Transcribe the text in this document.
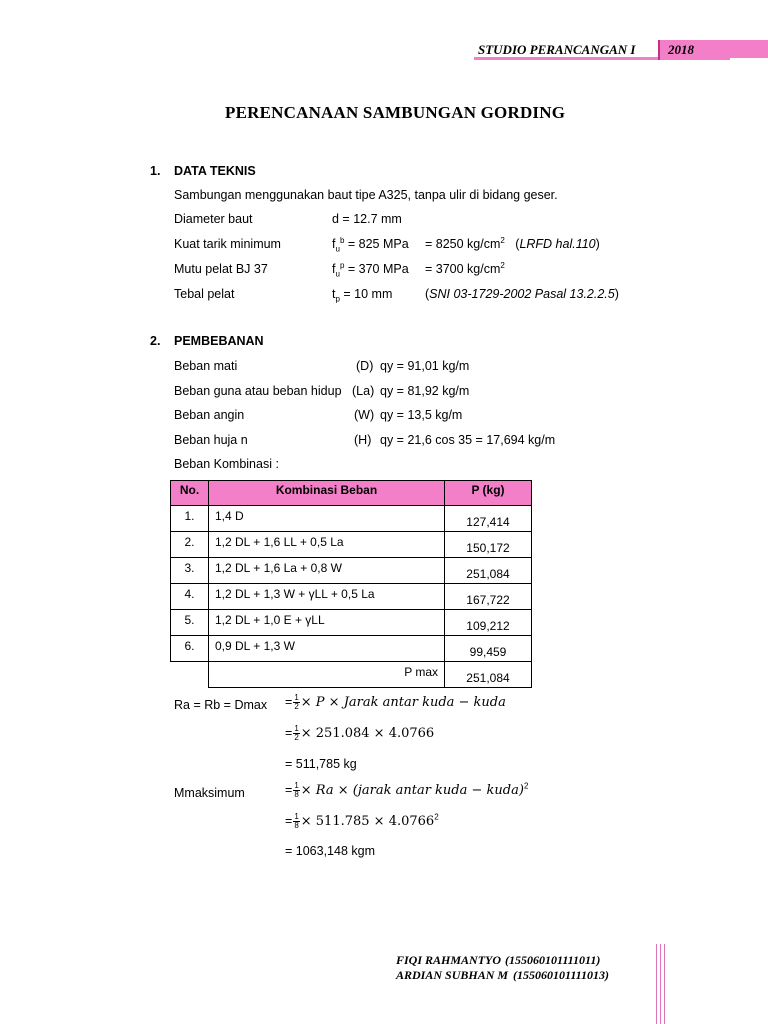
STUDIO PERANCANGAN I	2018
PERENCANAAN SAMBUNGAN GORDING
1. DATA TEKNIS
Sambungan menggunakan baut tipe A325, tanpa ulir di bidang geser.
Diameter baut	d = 12.7 mm
Kuat tarik minimum	$f_u^b = 825$ MPa = 8250 $kg/cm^2$   (LRFD hal.110)
Mutu pelat BJ 37	$f_u^p = 370$ MPa = 3700 $kg/cm^2$
Tebal pelat	$t_p = 10$ mm	(SNI 03-1729-2002 Pasal 13.2.2.5)
2. PEMBEBANAN
Beban mati	(D) qy = 91,01 kg/m
Beban guna atau beban hidup (La) qy = 81,92 kg/m
Beban angin	(W) qy = 13,5 kg/m
Beban huja n	(H) qy = 21,6 cos 35 = 17,694 kg/m
Beban Kombinasi :
No.	Kombinasi Beban	P (kg)
1.	1,4 D	127,414
2.	1,2 DL + 1,6 LL + 0,5 La	150,172
3.	1,2 DL + 1,6 La + 0,8 W	251,084
4.	1,2 DL + 1,3 W + γLL + 0,5 La	167,722
5.	1,2 DL + 1,0 E + γLL	109,212
6.	0,9 DL + 1,3 W	99,459
	P max	251,084
$Ra = Rb = Dmax = \frac{1}{2} \times P$ × Jarak antar kuda − kuda
= $\frac{1}{2} \times 251.084 \times 4.0766$
= 511,785 kg
Mmaksimum	= $\frac{1}{8} \times Ra$ × (jarak antar kuda − kuda)$^2$
= $\frac{1}{8} \times 511.785 \times 4.0766^2$
= 1063,148 kgm
FIQI RAHMANTYO (155060101111011)
ARDIAN SUBHAN M (155060101111013)
